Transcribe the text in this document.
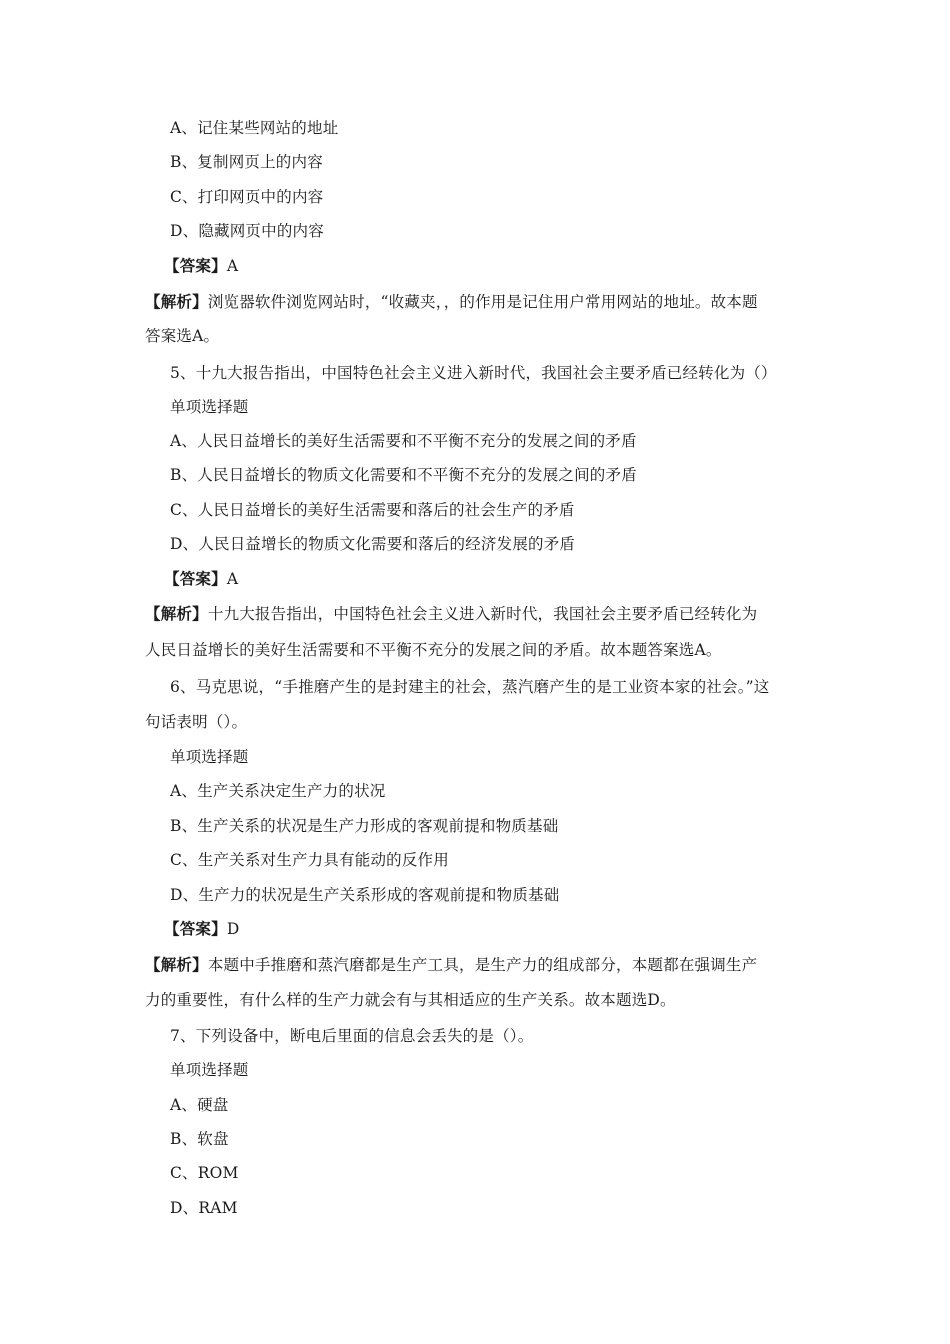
A、记住某些网站的地址
B、复制网页上的内容
C、打印网页中的内容
D、隐藏网页中的内容
【答案】A
【解析】浏览器软件浏览网站时，“收藏夹，，的作用是记住用户常用网站的地址。故本题
答案选A。
5、十九大报告指出，中国特色社会主义进入新时代，我国社会主要矛盾已经转化为（）
单项选择题
A、人民日益增长的美好生活需要和不平衡不充分的发展之间的矛盾
B、人民日益增长的物质文化需要和不平衡不充分的发展之间的矛盾
C、人民日益增长的美好生活需要和落后的社会生产的矛盾
D、人民日益增长的物质文化需要和落后的经济发展的矛盾
【答案】A
【解析】十九大报告指出，中国特色社会主义进入新时代，我国社会主要矛盾已经转化为
人民日益增长的美好生活需要和不平衡不充分的发展之间的矛盾。故本题答案选A。
6、马克思说，“手推磨产生的是封建主的社会，蒸汽磨产生的是工业资本家的社会。”这
句话表明（）。
单项选择题
A、生产关系决定生产力的状况
B、生产关系的状况是生产力形成的客观前提和物质基础
C、生产关系对生产力具有能动的反作用
D、生产力的状况是生产关系形成的客观前提和物质基础
【答案】D
【解析】本题中手推磨和蒸汽磨都是生产工具，是生产力的组成部分，本题都在强调生产
力的重要性，有什么样的生产力就会有与其相适应的生产关系。故本题选D。
7、下列设备中，断电后里面的信息会丢失的是（）。
单项选择题
A、硬盘
B、软盘
C、ROM
D、RAM
